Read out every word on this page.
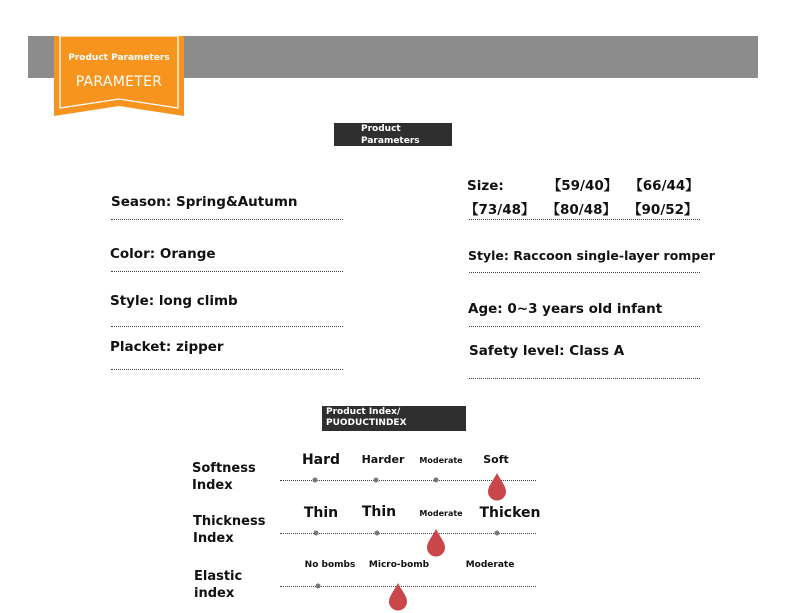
Product Parameters
PARAMETER
Product
Parameters
Season: Spring&Autumn
Color: Orange
Style: long climb
Placket: zipper
Size:	【59/40】 【66/44】
【73/48】 【80/48】 【90/52】
Style: Raccoon single-layer romper
Age: 0~3 years old infant
Safety level: Class A
Product Index/
PUODUCTINDEX
Softness
Index
Hard Harder Moderate Soft
Thickness
Index
Thin Thin	Moderate Thicken
Elastic
index
No bombs Micro-bomb	Moderate
